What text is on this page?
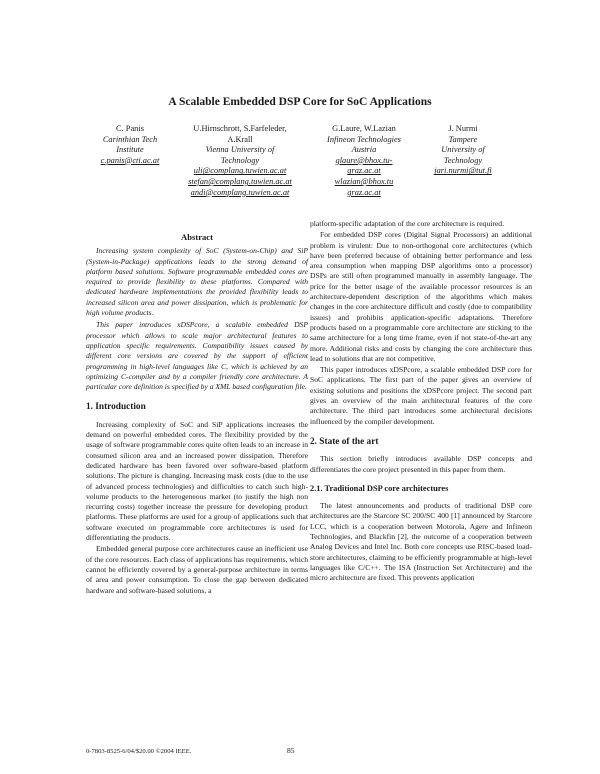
A Scalable Embedded DSP Core for SoC Applications
C. Panis
Carinthian Tech
Institute
c.panis@cti.ac.at
U.Hirnschrott, S.Farfeleder,
A.Krall
Vienna University of
Technology
uli@complang.tuwien.ac.at
stefan@complang.tuwien.ac.at
andi@complang.tuwien.ac.at
G.Laure, W.Lazian
Infineon Technologies
Austria
glaure@bhox.tu-
graz.ac.at
wlazian@bhox.tu
graz.ac.at
J. Nurmi
Tampere
University of
Technology
jari.nurmi@tut.fi
Abstract

Increasing system complexity of SoC (System-on-Chip) and SiP (System-in-Package) applications leads to the strong demand of platform based solutions. Software programmable embedded cores are required to provide flexibility to these platforms. Compared with dedicated hardware implementations the provided flexibility leads to increased silicon area and power dissipation, which is problematic for high volume products.

This paper introduces xDSPcore, a scalable embedded DSP processor which allows to scale major architectural features to application specific requirements. Compatibility issues caused by different core versions are covered by the support of efficient programming in high-level languages like C, which is achieved by an optimizing C-compiler and by a compiler friendly core architecture. A particular core definition is specified by a XML based configuration file.

1. Introduction

Increasing complexity of SoC and SiP applications increases the demand on powerful embedded cores. The flexibility provided by the usage of software programmable cores quite often leads to an increase in consumed silicon area and an increased power dissipation. Therefore dedicated hardware has been favored over software-based platform solutions. The picture is changing. Increasing mask costs (due to the use of advanced process technologies) and difficulties to catch such high-volume products to the heterogeneous market (to justify the high non recurring costs) together increase the pressure for developing product platforms. These platforms are used for a group of applications such that software executed on programmable core architectures is used for differentiating the products.

Embedded general purpose core architectures cause an inefficient use of the core resources. Each class of applications has requirements, which cannot be efficiently covered by a general-purpose architecture in terms of area and power consumption. To close the gap between dedicated hardware and software-based solutions, a

platform-specific adaptation of the core architecture is required.

For embedded DSP cores (Digital Signal Processors) an additional problem is virulent: Due to non-orthogonal core architectures (which have been preferred because of obtaining better performance and less area consumption when mapping DSP algorithms onto a processor) DSPs are still often programmed manually in assembly language. The price for the better usage of the available processor resources is an architecture-dependent description of the algorithms which makes changes in the core architecture difficult and costly (due to compatibility issues) and prohibits application-specific adaptations. Therefore products based on a programmable core architecture are sticking to the same architecture for a long time frame, even if not state-of-the-art any more. Additional risks and costs by changing the core architecture thus lead to solutions that are not competitive.

This paper introduces xDSPcore, a scalable embedded DSP core for SoC applications. The first part of the paper gives an overview of existing solutions and positions the xDSPcore project. The second part gives an overview of the main architectural features of the core architecture. The third part introduces some architectural decisions influenced by the compiler development.

2. State of the art

This section briefly introduces available DSP concepts and differentiates the core project presented in this paper from them.

2.1. Traditional DSP core architectures

The latest announcements and products of traditional DSP core architectures are the Starcore SC 200/SC 400 [1] announced by Starcore LCC, which is a cooperation between Motorola, Agere and Infineon Technologies, and Blackfin [2], the outcome of a cooperation between Analog Devices and Intel Inc. Both core concepts use RISC-based load-store architectures, claiming to be efficiently programmable at high-level languages like C/C++. The ISA (Instruction Set Architecture) and the micro architecture are fixed. This prevents application

0-7803-8525-6/04/$20.00 ©2004 IEEE.	85
